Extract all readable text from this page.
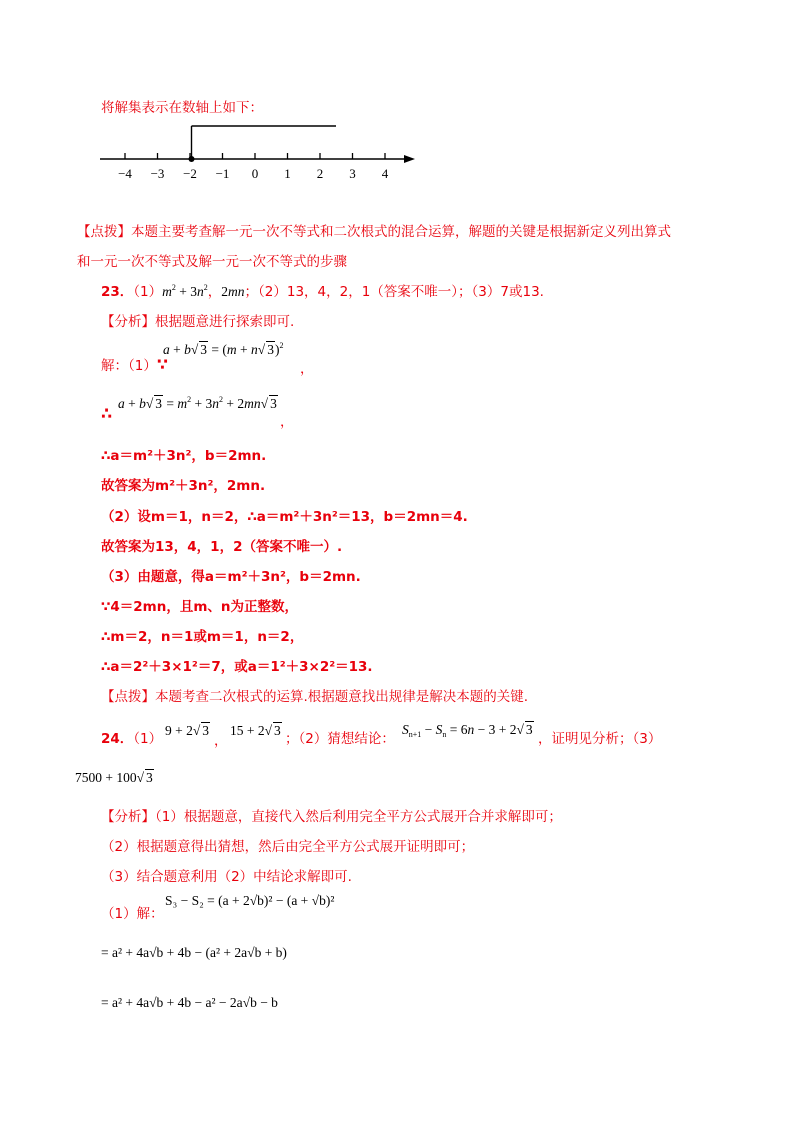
将解集表示在数轴上如下：
−4 −3 −2 −1 0 1 2 3 4
【点拨】本题主要考查解一元一次不等式和二次根式的混合运算，解题的关键是根据新定义列出算式
和一元一次不等式及解一元一次不等式的步骤
23．$(1)m^2 + 3n^2$，2mn；（2）13，4，2，1（答案不唯一）；（3）7或13.
【分析】根据题意进行探索即可.
解：（1）∵
a + b√ 3 = (m + n√ 3)$^2$
，
∴
a + b√ $3 = m^2 + 3n^2 + 2mn√$ 3
，
∴a＝m²＋3n²，b＝2mn.
故答案为m²＋3n²，2mn.
（2）设m＝1，n＝2，∴a＝m²＋3n²＝13，b＝2mn＝4.
故答案为13，4，1，2（答案不唯一）.
（3）由题意，得a＝m²＋3n²，b＝2mn.
∵4＝2mn，且m、n为正整数，
∴m＝2，n＝1或m＝1，n＝2，
∴a＝2²＋3×1²＝7，或a＝1²＋3×2²＝13.
【点拨】本题考查二次根式的运算.根据题意找出规律是解决本题的关键.
24．（1）
9 + 2√ 3
，
15 + 2√ 3
；（2）猜想结论：
$S_{n+1} - S_n = 6n - 3 + 2√$ 3
，证明见分析；（3）
7500 + 100√ 3
【分析】（1）根据题意，直接代入然后利用完全平方公式展开合并求解即可；
（2）根据题意得出猜想，然后由完全平方公式展开证明即可；
（3）结合题意利用（2）中结论求解即可.
（1）解：
S₃ − S₂ = (a + 2√b)² − (a + √b)²
= a² + 4a√b + 4b − (a² + 2a√b + b)
= a² + 4a√b + 4b − a² − 2a√b − b
